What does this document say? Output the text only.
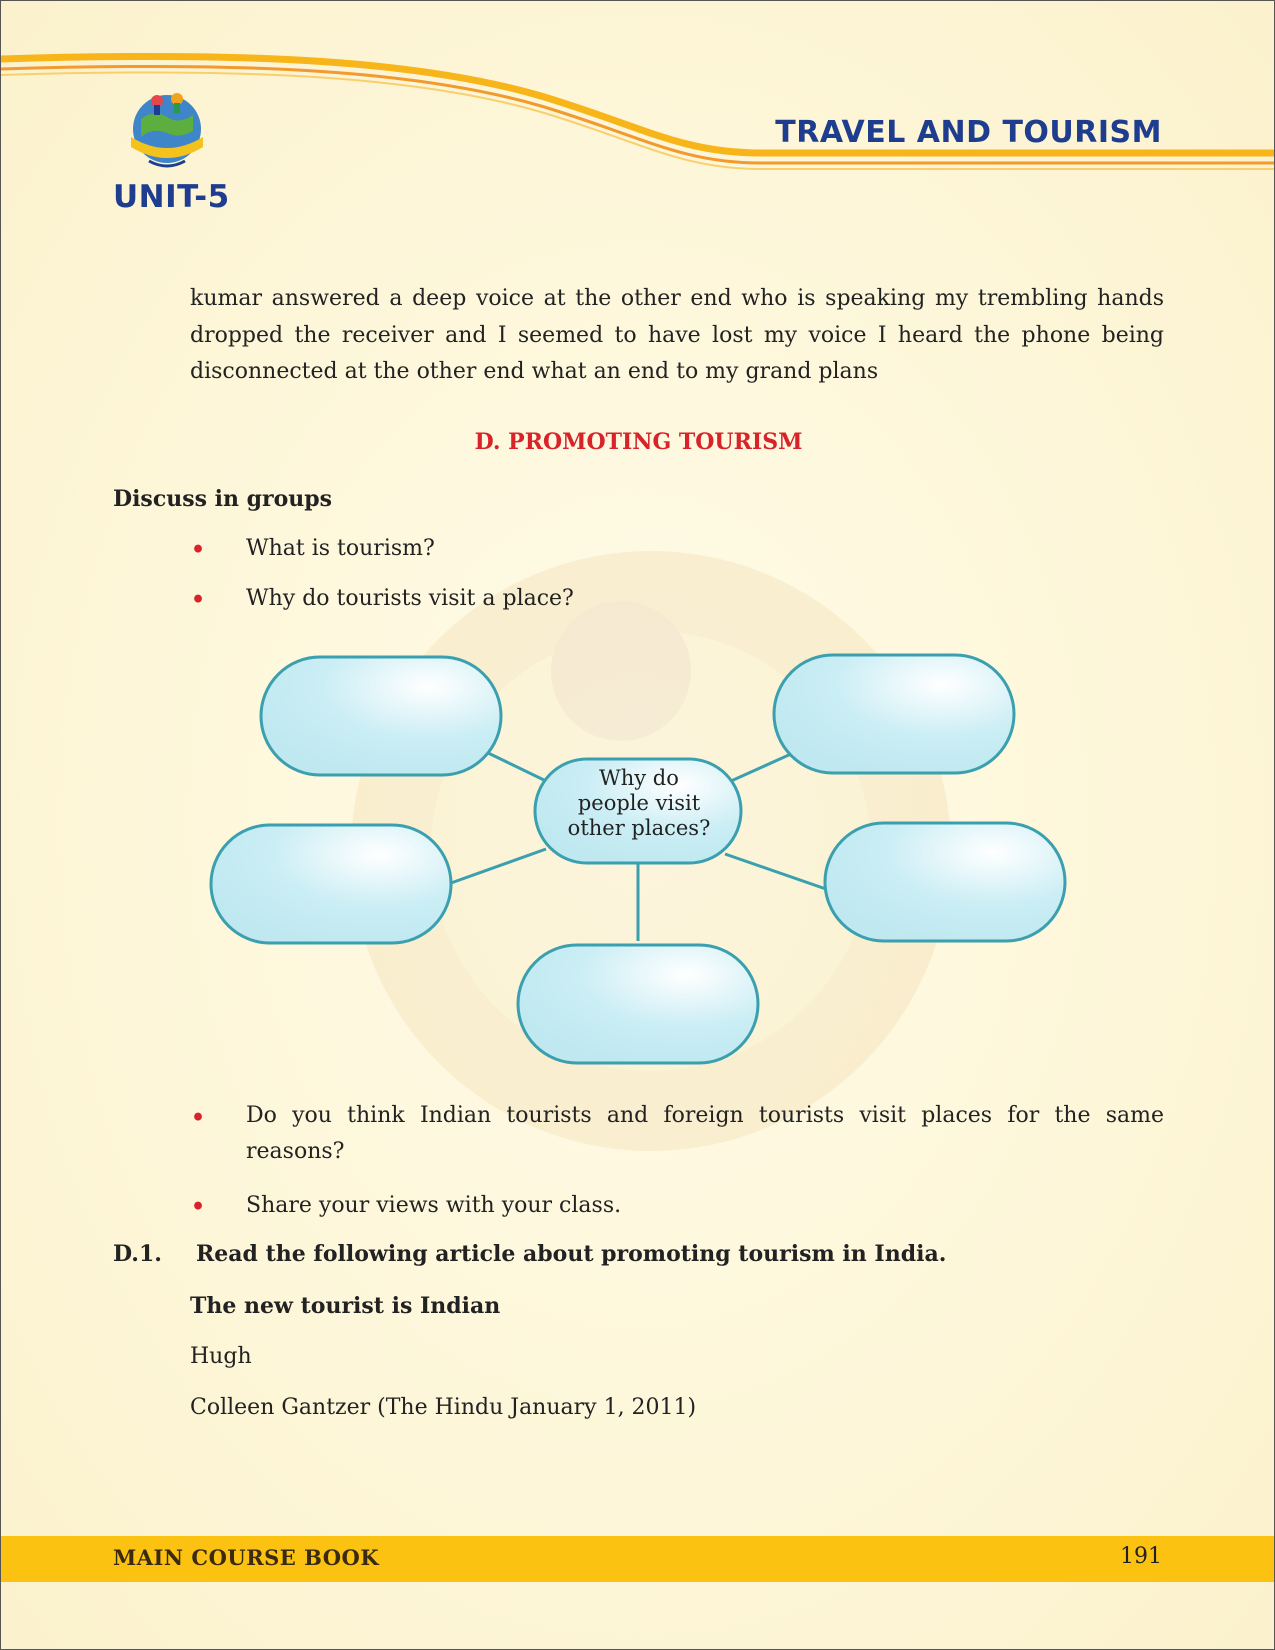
UNIT-5
TRAVEL AND TOURISM

kumar answered a deep voice at the other end who is speaking my trembling hands dropped the receiver and I seemed to have lost my voice I heard the phone being disconnected at the other end what an end to my grand plans

D. PROMOTING TOURISM
Discuss in groups
• What is tourism?
• Why do tourists visit a place?
Why do
people visit
other places?
• Do you think Indian tourists and foreign tourists visit places for the same reasons?
• Share your views with your class.
D.1. Read the following article about promoting tourism in India.
The new tourist is Indian
Hugh
Colleen Gantzer (The Hindu January 1, 2011)
MAIN COURSE BOOK	191
